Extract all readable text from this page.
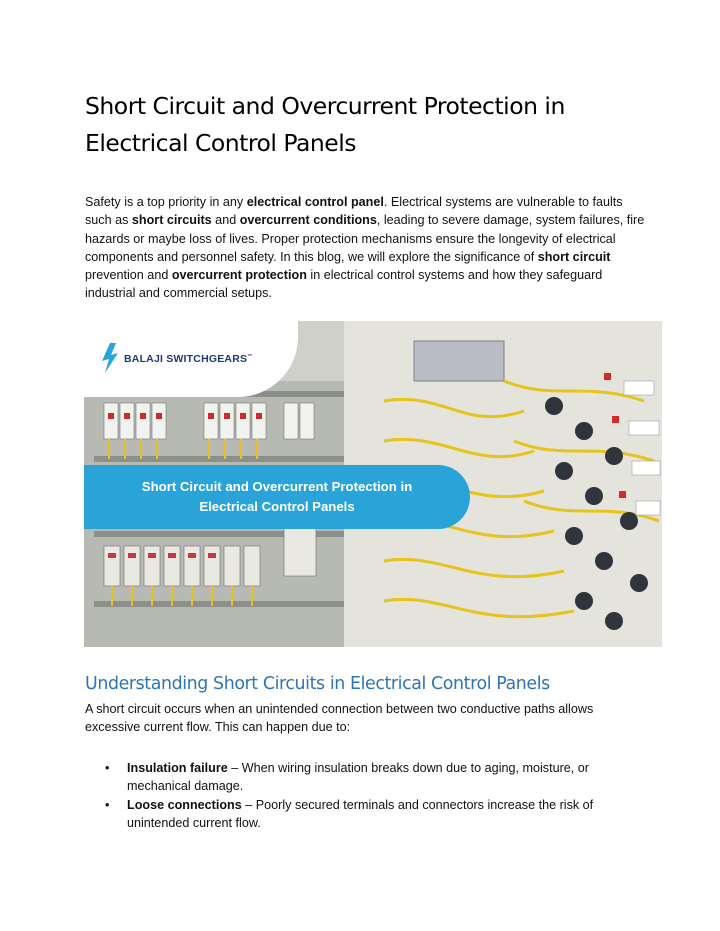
Short Circuit and Overcurrent Protection in Electrical Control Panels

Safety is a top priority in any electrical control panel. Electrical systems are vulnerable to faults such as short circuits and overcurrent conditions, leading to severe damage, system failures, fire hazards or maybe loss of lives. Proper protection mechanisms ensure the longevity of electrical components and personnel safety. In this blog, we will explore the significance of short circuit prevention and overcurrent protection in electrical control systems and how they safeguard industrial and commercial setups.

BALAJI SWITCHGEARS™
Short Circuit and Overcurrent Protection in
Electrical Control Panels
Understanding Short Circuits in Electrical Control Panels

A short circuit occurs when an unintended connection between two conductive paths allows excessive current flow. This can happen due to:

• Insulation failure – When wiring insulation breaks down due to aging, moisture, or mechanical damage.
• Loose connections – Poorly secured terminals and connectors increase the risk of unintended current flow.
